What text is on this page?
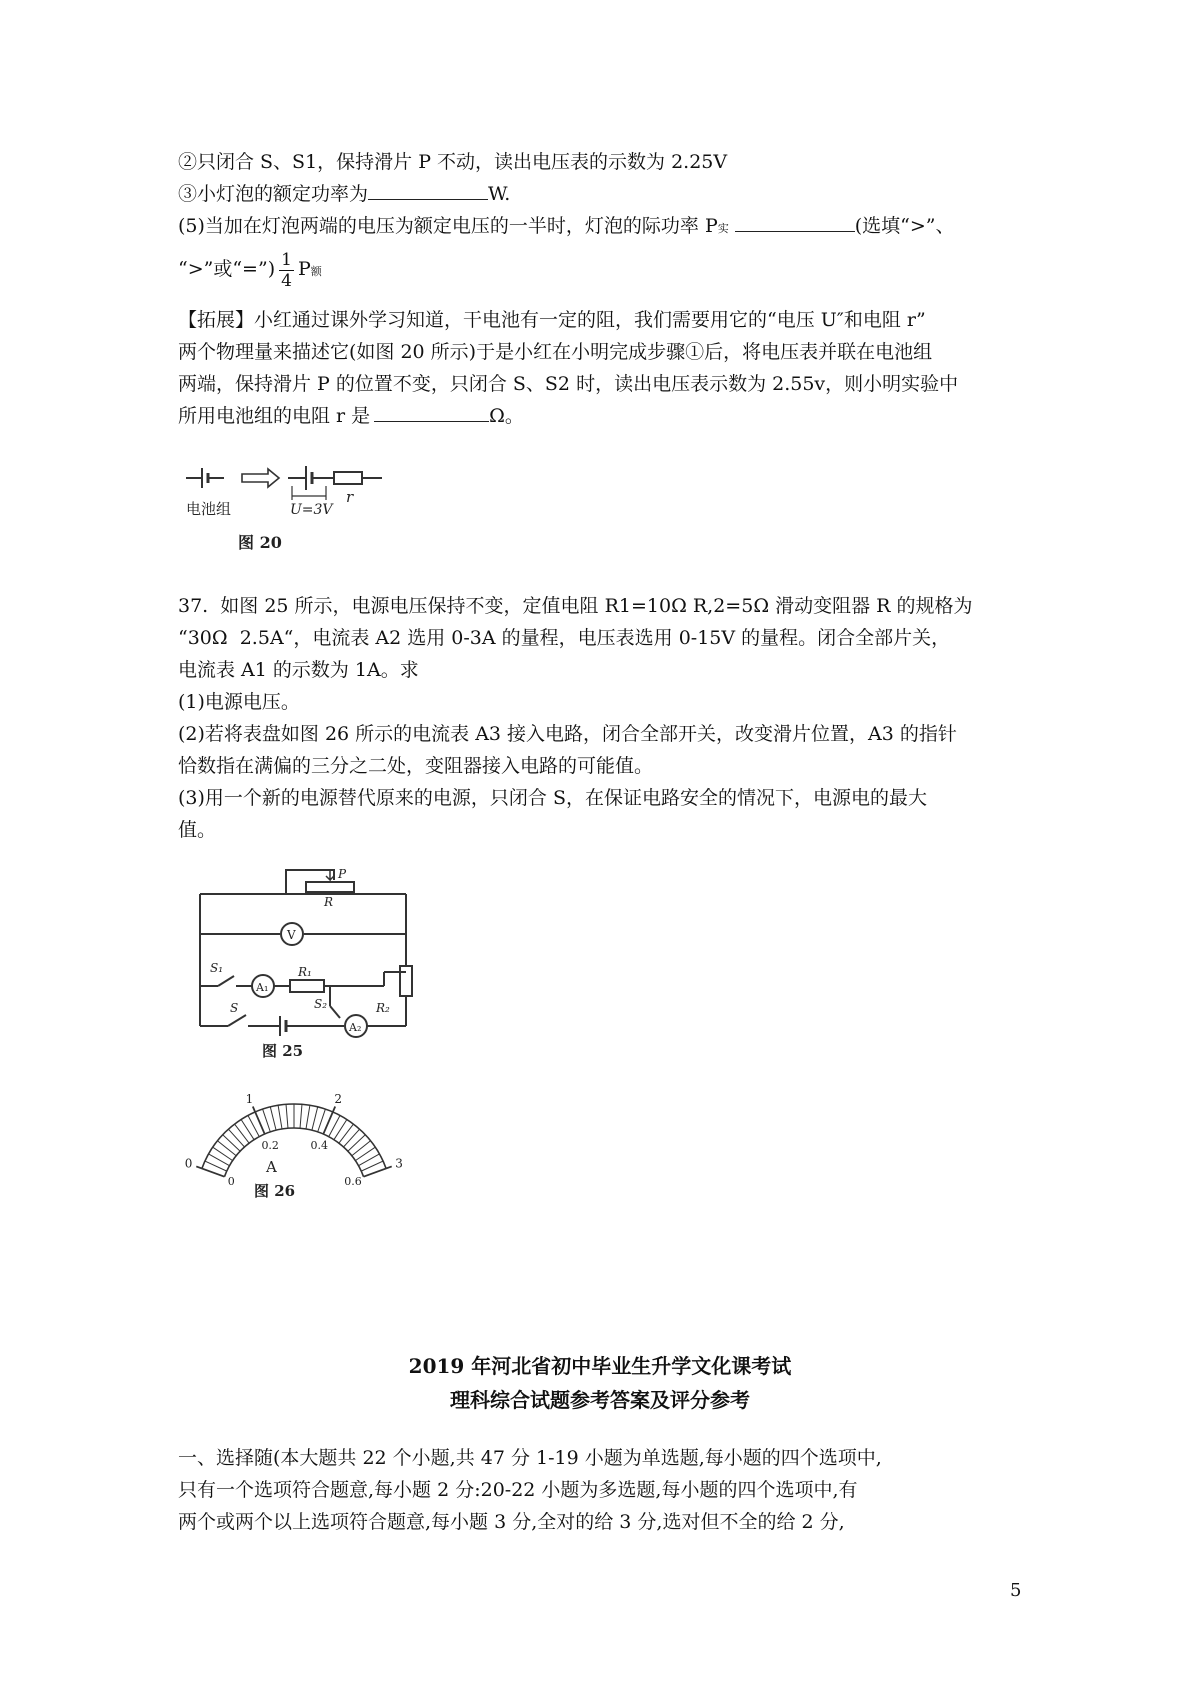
②只闭合 S、S1，保持滑片 P 不动，读出电压表的示数为 2.25V
③小灯泡的额定功率为	W.
(5)当加在灯泡两端的电压为额定电压的一半时，灯泡的际功率 P实	(选填“>”、
“>”或“=”) $\frac{1}{4}$ P额
【拓展】小红通过课外学习知道，干电池有一定的阻，我们需要用它的“电压 U″和电阻 r”
两个物理量来描述它(如图 20 所示)于是小红在小明完成步骤①后，将电压表并联在电池组
两端，保持滑片 P 的位置不变，只闭合 S、S2 时，读出电压表示数为 2.55v，则小明实验中
所用电池组的电阻 r 是	Ω。
电池组	U=3V
r
图 20
37.  如图 25 所示，电源电压保持不变，定值电阻 R1=10Ω R,2=5Ω 滑动变阻器 R 的规格为
“30Ω  2.5A“，电流表 A2 选用 0-3A 的量程，电压表选用 0-15V 的量程。闭合全部片关，
电流表 A1 的示数为 1A。求
(1)电源电压。
(2)若将表盘如图 26 所示的电流表 A3 接入电路，闭合全部开关，改变滑片位置，A3 的指针
恰数指在满偏的三分之二处，变阻器接入电路的可能值。
(3)用一个新的电源替代原来的电源，只闭合 S，在保证电路安全的情况下，电源电的最大
值。
P
R
V
S₁
A₁
R₁
S	S₂	R₂
A₂
图 25
0
1	2
3
0
0.2	0.4
0.6
A
图 26
2019 年河北省初中毕业生升学文化课考试
理科综合试题参考答案及评分参考
一、选择随(本大题共 22 个小题,共 47 分 1-19 小题为单选题,每小题的四个选项中,
只有一个选项符合题意,每小题 2 分:20-22 小题为多选题,每小题的四个选项中,有
两个或两个以上选项符合题意,每小题 3 分,全对的给 3 分,选对但不全的给 2 分,
5
